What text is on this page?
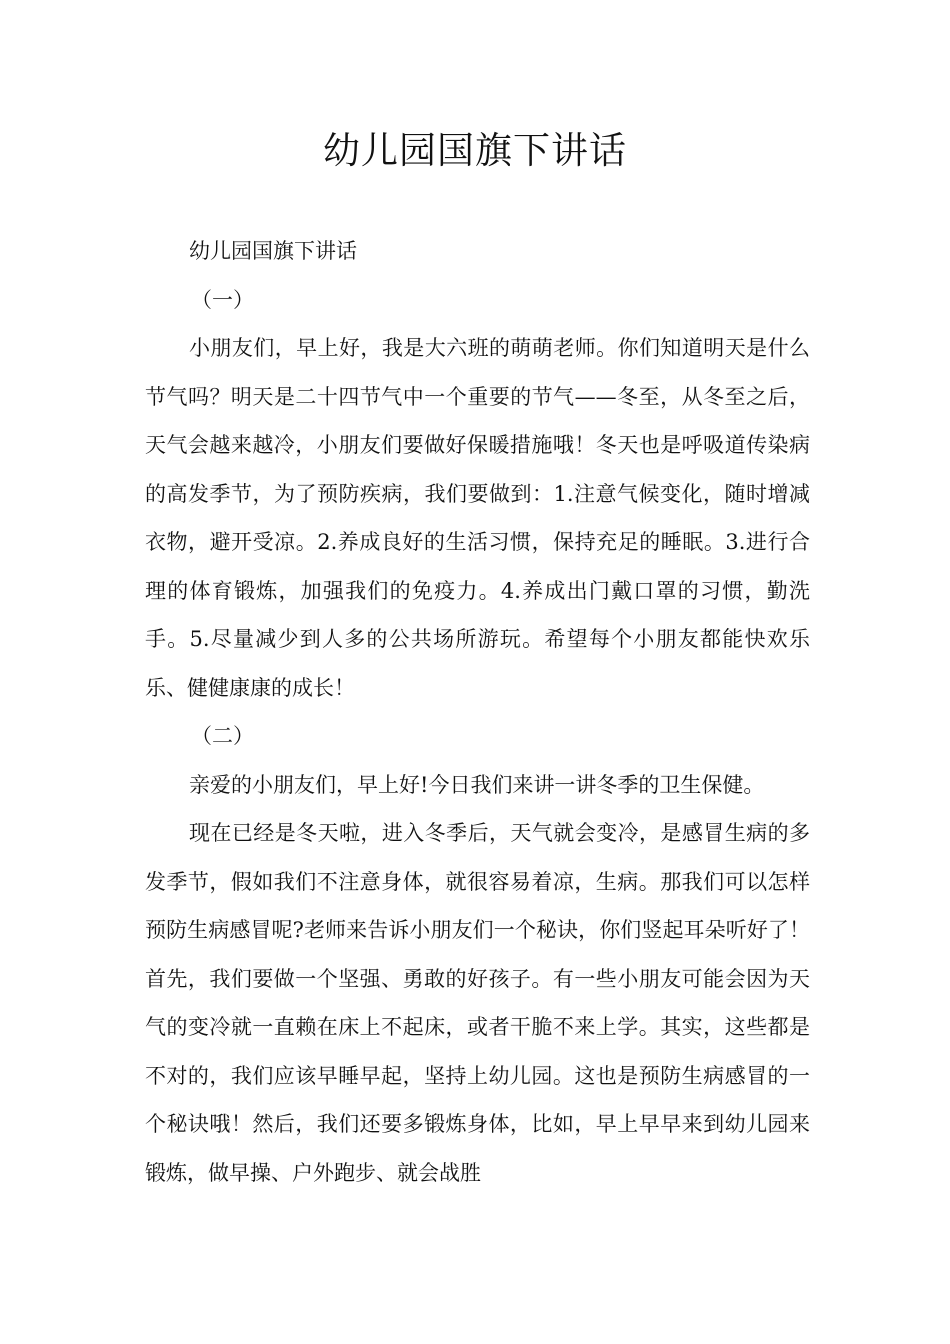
幼儿园国旗下讲话

幼儿园国旗下讲话

（一）

小朋友们，早上好，我是大六班的萌萌老师。你们知道明天是什么节气吗？明天是二十四节气中一个重要的节气——冬至，从冬至之后，天气会越来越冷，小朋友们要做好保暖措施哦！冬天也是呼吸道传染病的高发季节，为了预防疾病，我们要做到：1.注意气候变化，随时增减衣物，避开受凉。2.养成良好的生活习惯，保持充足的睡眠。3.进行合理的体育锻炼，加强我们的免疫力。4.养成出门戴口罩的习惯，勤洗手。5.尽量减少到人多的公共场所游玩。希望每个小朋友都能快欢乐乐、健健康康的成长！

（二）

亲爱的小朋友们，早上好!今日我们来讲一讲冬季的卫生保健。

现在已经是冬天啦，进入冬季后，天气就会变冷，是感冒生病的多发季节，假如我们不注意身体，就很容易着凉，生病。那我们可以怎样预防生病感冒呢?老师来告诉小朋友们一个秘诀，你们竖起耳朵听好了！首先，我们要做一个坚强、勇敢的好孩子。有一些小朋友可能会因为天气的变冷就一直赖在床上不起床，或者干脆不来上学。其实，这些都是不对的，我们应该早睡早起，坚持上幼儿园。这也是预防生病感冒的一个秘诀哦！然后，我们还要多锻炼身体，比如，早上早早来到幼儿园来锻炼，做早操、户外跑步、就会战胜
